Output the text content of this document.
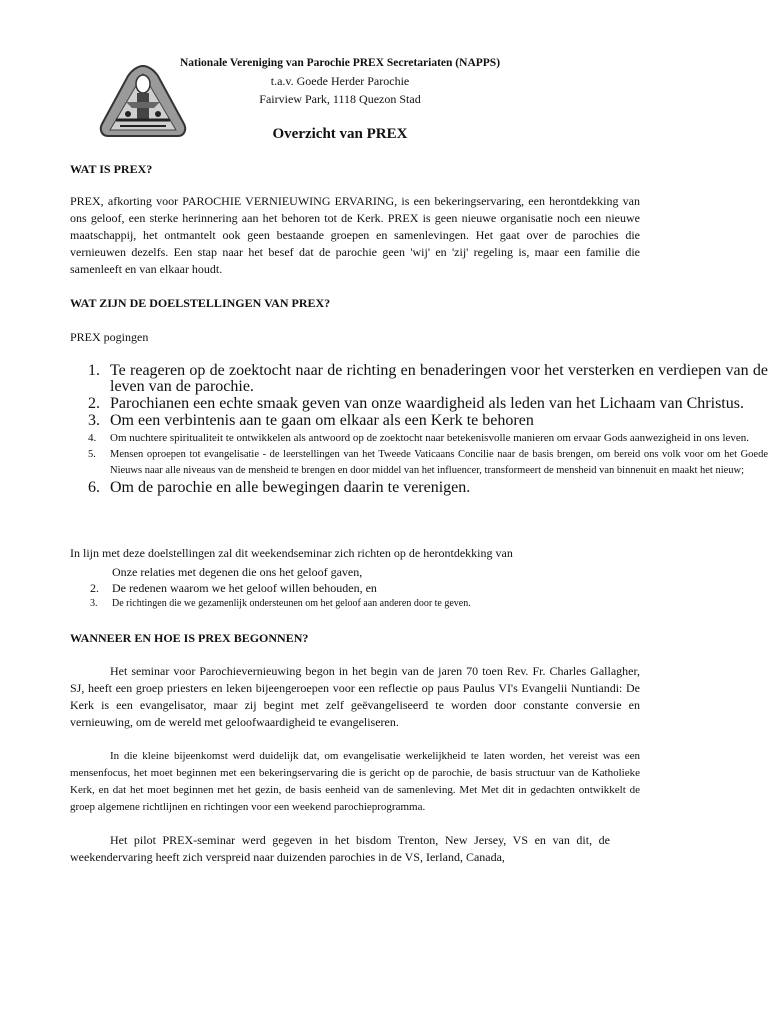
Nationale Vereniging van Parochie PREX Secretariaten (NAPPS)
t.a.v. Goede Herder Parochie
Fairview Park, 1118 Quezon Stad
Overzicht van PREX
WAT IS PREX?

PREX, afkorting voor PAROCHIE VERNIEUWING ERVARING, is een bekeringservaring, een herontdekking van ons geloof, een sterke herinnering aan het behoren tot de Kerk. PREX is geen nieuwe organisatie noch een nieuwe maatschappij, het ontmantelt ook geen bestaande groepen en samenlevingen. Het gaat over de parochies die vernieuwen dezelfs. Een stap naar het besef dat de parochie geen 'wij' en 'zij' regeling is, maar een familie die samenleeft en van elkaar houdt.

WAT ZIJN DE DOELSTELLINGEN VAN PREX?
PREX pogingen
1. Te reageren op de zoektocht naar de richting en benaderingen voor het versterken en verdiepen van de leven van de parochie.
2. Parochianen een echte smaak geven van onze waardigheid als leden van het Lichaam van Christus.
3. Om een verbintenis aan te gaan om elkaar als een Kerk te behoren
4. Om nuchtere spiritualiteit te ontwikkelen als antwoord op de zoektocht naar betekenisvolle manieren om ervaar Gods aanwezigheid in ons leven.
5. Mensen oproepen tot evangelisatie - de leerstellingen van het Tweede Vaticaans Concilie naar de basis brengen, om bereid ons volk voor om het Goede Nieuws naar alle niveaus van de mensheid te brengen en door middel van het influencer, transformeert de mensheid van binnenuit en maakt het nieuw;
6. Om de parochie en alle bewegingen daarin te verenigen.
In lijn met deze doelstellingen zal dit weekendseminar zich richten op de herontdekking van
Onze relaties met degenen die ons het geloof gaven,
2. De redenen waarom we het geloof willen behouden, en
3. De richtingen die we gezamenlijk ondersteunen om het geloof aan anderen door te geven.
WANNEER EN HOE IS PREX BEGONNEN?

Het seminar voor Parochievernieuwing begon in het begin van de jaren 70 toen Rev. Fr. Charles Gallagher, SJ, heeft een groep priesters en leken bijeengeroepen voor een reflectie op paus Paulus VI's Evangelii Nuntiandi: De Kerk is een evangelisator, maar zij begint met zelf geëvangeliseerd te worden door constante conversie en vernieuwing, om de wereld met geloofwaardigheid te evangeliseren.

In die kleine bijeenkomst werd duidelijk dat, om evangelisatie werkelijkheid te laten worden, het vereist was een mensenfocus, het moet beginnen met een bekeringservaring die is gericht op de parochie, de basis structuur van de Katholieke Kerk, en dat het moet beginnen met het gezin, de basis eenheid van de samenleving. Met Met dit in gedachten ontwikkelt de groep algemene richtlijnen en richtingen voor een weekend parochieprogramma.

Het pilot PREX-seminar werd gegeven in het bisdom Trenton, New Jersey, VS en van dit, de weekendervaring heeft zich verspreid naar duizenden parochies in de VS, Ierland, Canada,
